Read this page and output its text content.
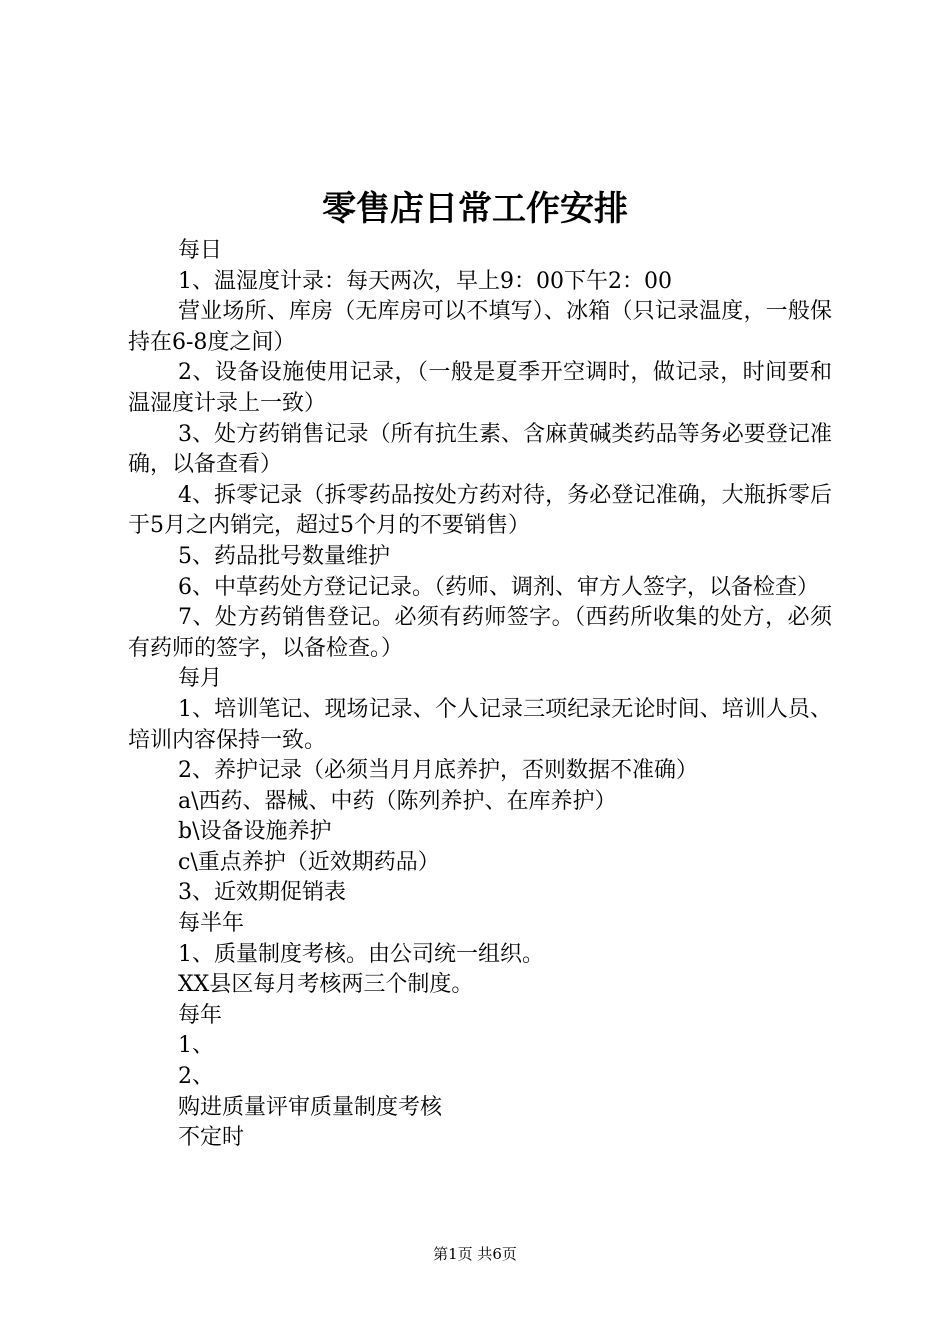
零售店日常工作安排

每日

1、温湿度计录：每天两次，早上9：00下午2：00

营业场所、库房（无库房可以不填写）、冰箱（只记录温度，一般保持在6-8度之间）

2、设备设施使用记录，（一般是夏季开空调时，做记录，时间要和温湿度计录上一致）

3、处方药销售记录（所有抗生素、含麻黄碱类药品等务必要登记准确，以备查看）

4、拆零记录（拆零药品按处方药对待，务必登记准确，大瓶拆零后于5月之内销完，超过5个月的不要销售）

5、药品批号数量维护

6、中草药处方登记记录。（药师、调剂、审方人签字，以备检查）

7、处方药销售登记。必须有药师签字。（西药所收集的处方，必须有药师的签字，以备检查。）

每月

1、培训笔记、现场记录、个人记录三项纪录无论时间、培训人员、培训内容保持一致。

2、养护记录（必须当月月底养护，否则数据不准确）

a\西药、器械、中药（陈列养护、在库养护）

b\设备设施养护

c\重点养护（近效期药品）

3、近效期促销表

每半年

1、质量制度考核。由公司统一组织。

XX县区每月考核两三个制度。

每年

1、

2、

购进质量评审质量制度考核

不定时

第1页 共6页
